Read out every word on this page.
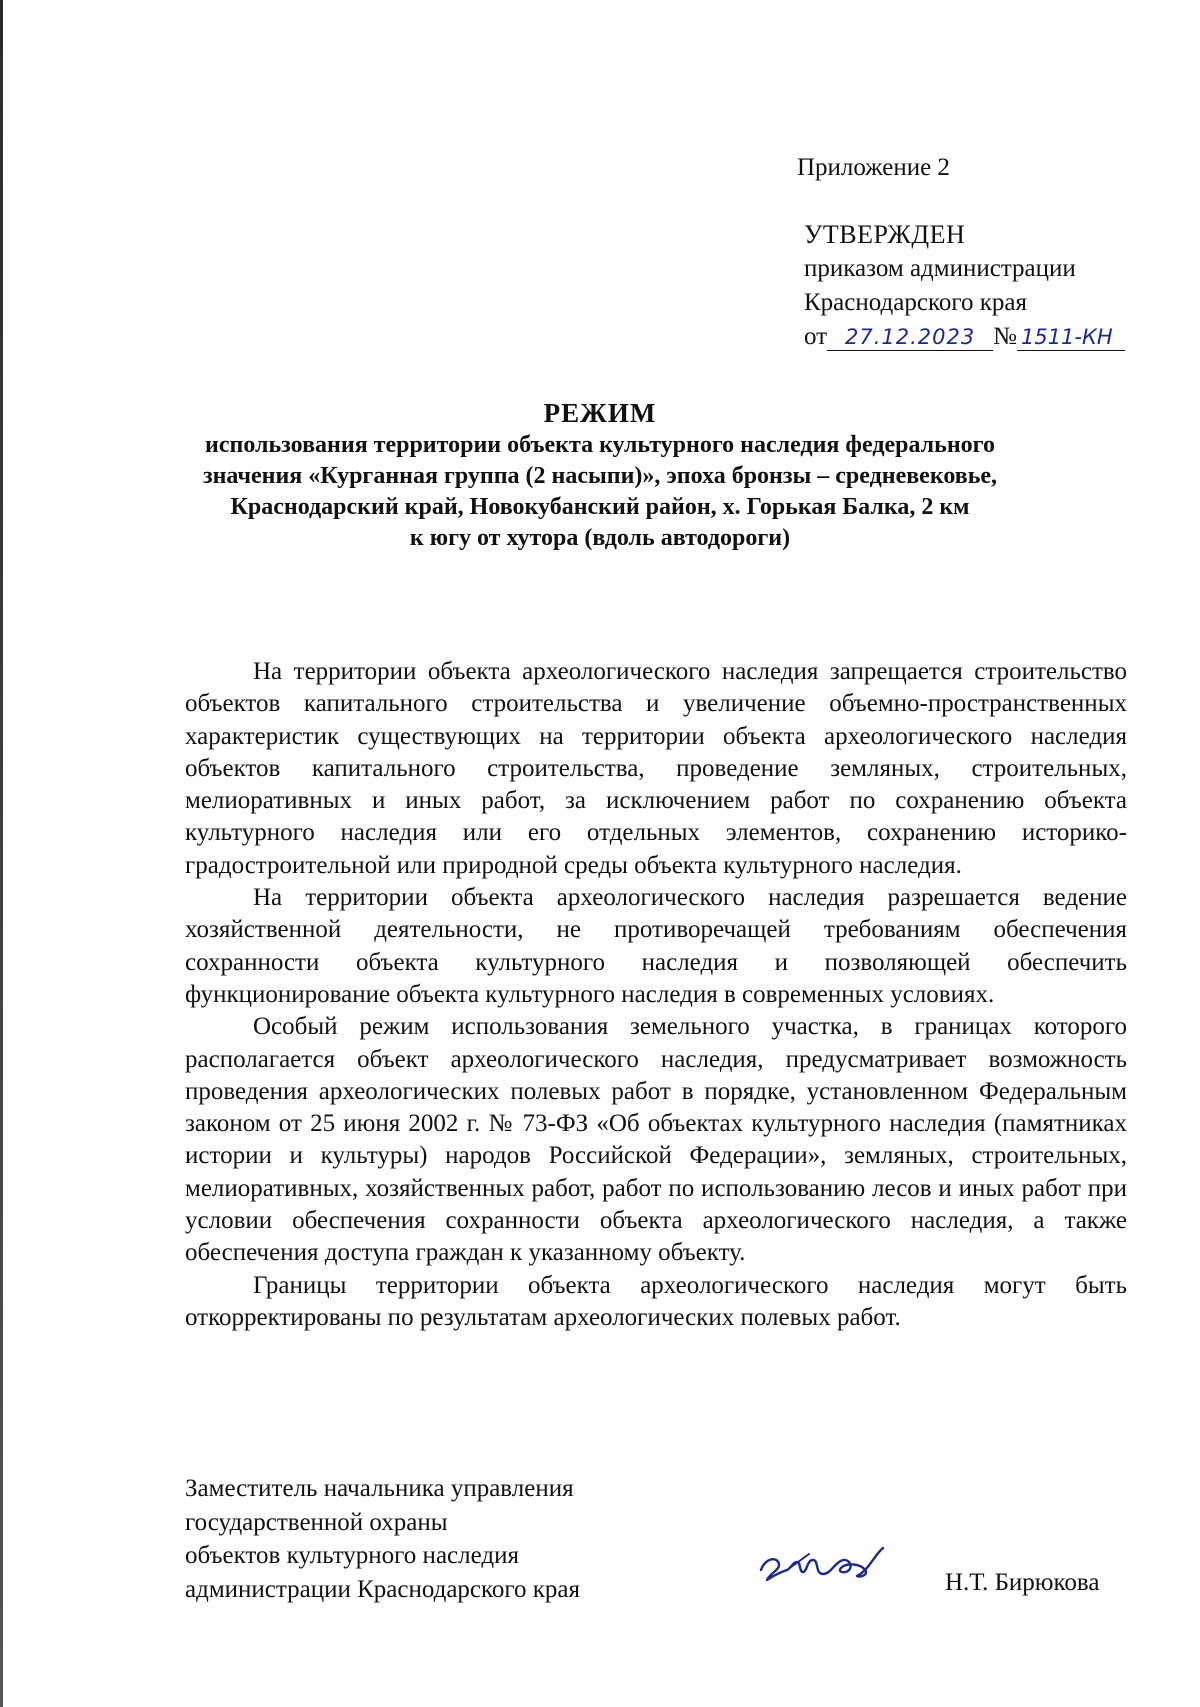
Приложение 2
УТВЕРЖДЕН
приказом администрации
Краснодарского края
от 27.12.2023 № 1511-КН
РЕЖИМ
использования территории объекта культурного наследия федерального
значения «Курганная группа (2 насыпи)», эпоха бронзы – средневековье,
Краснодарский край, Новокубанский район, х. Горькая Балка, 2 км
к югу от хутора (вдоль автодороги)

На территории объекта археологического наследия запрещается строительство объектов капитального строительства и увеличение объемно-пространственных характеристик существующих на территории объекта археологического наследия объектов капитального строительства, проведение земляных, строительных, мелиоративных и иных работ, за исключением работ по сохранению объекта культурного наследия или его отдельных элементов, сохранению историко-градостроительной или природной среды объекта культурного наследия.

На территории объекта археологического наследия разрешается ведение хозяйственной деятельности, не противоречащей требованиям обеспечения сохранности объекта культурного наследия и позволяющей обеспечить функционирование объекта культурного наследия в современных условиях.

Особый режим использования земельного участка, в границах которого располагается объект археологического наследия, предусматривает возможность проведения археологических полевых работ в порядке, установленном Федеральным законом от 25 июня 2002 г. № 73-ФЗ «Об объектах культурного наследия (памятниках истории и культуры) народов Российской Федерации», земляных, строительных, мелиоративных, хозяйственных работ, работ по использованию лесов и иных работ при условии обеспечения сохранности объекта археологического наследия, а также обеспечения доступа граждан к указанному объекту.

Границы территории объекта археологического наследия могут быть откорректированы по результатам археологических полевых работ.

Заместитель начальника управления
государственной охраны
объектов культурного наследия
администрации Краснодарского края	Н.Т. Бирюкова
